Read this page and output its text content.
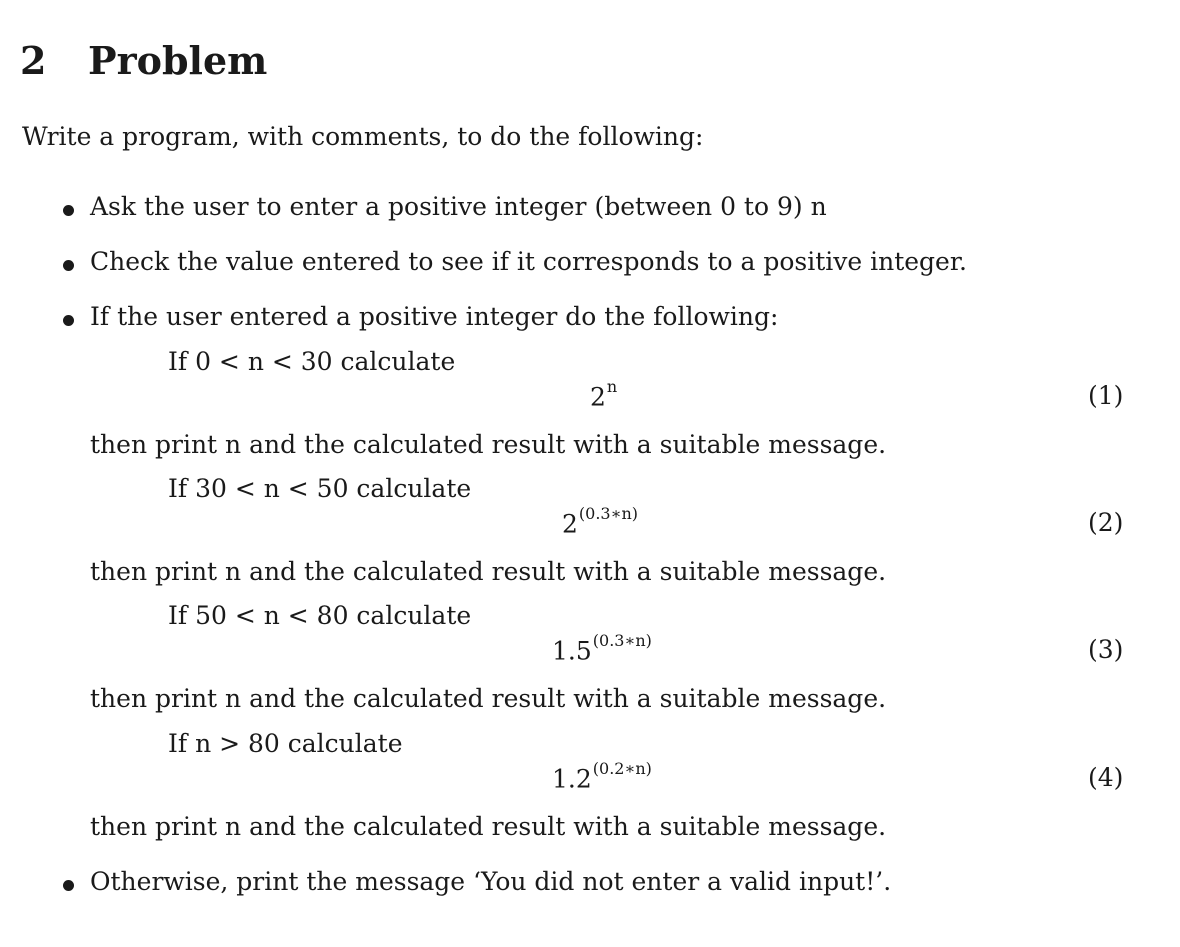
2 Problem
Write a program, with comments, to do the following:
Ask the user to enter a positive integer (between 0 to 9) n
Check the value entered to see if it corresponds to a positive integer.
If the user entered a positive integer do the following:
If 0 < n < 30 calculate
2$^n$	(1)
then print n and the calculated result with a suitable message.
If 30 < n < 50 calculate
$2^{(0.3∗n)}$	(2)
then print n and the calculated result with a suitable message.
If 50 < n < 80 calculate
$1.5^{(0.3∗n)}$	(3)
then print n and the calculated result with a suitable message.
If n > 80 calculate
$1.2^{(0.2∗n)}$	(4)
then print n and the calculated result with a suitable message.
Otherwise, print the message ‘You did not enter a valid input!’.
